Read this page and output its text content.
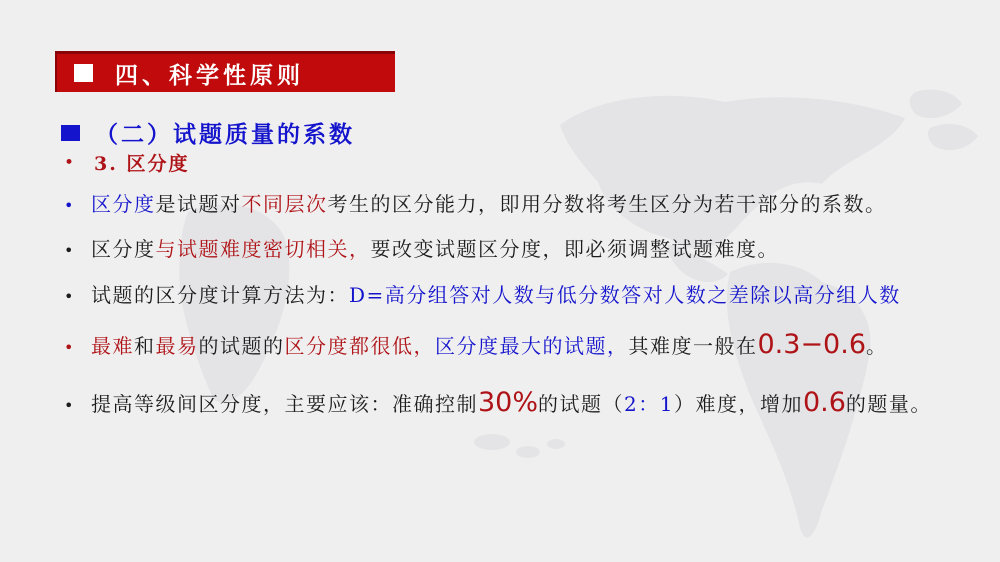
四、科学性原则
（二）试题质量的系数
• 3. 区分度
• 区分度是试题对不同层次考生的区分能力，即用分数将考生区分为若干部分的系数。
• 区分度与试题难度密切相关，要改变试题区分度，即必须调整试题难度。
• 试题的区分度计算方法为：D=高分组答对人数与低分数答对人数之差除以高分组人数
• 最难和最易的试题的区分度都很低，区分度最大的试题，其难度一般在0.3−0.6。
• 提高等级间区分度，主要应该：准确控制30%的试题（2：1）难度，增加0.6的题量。
